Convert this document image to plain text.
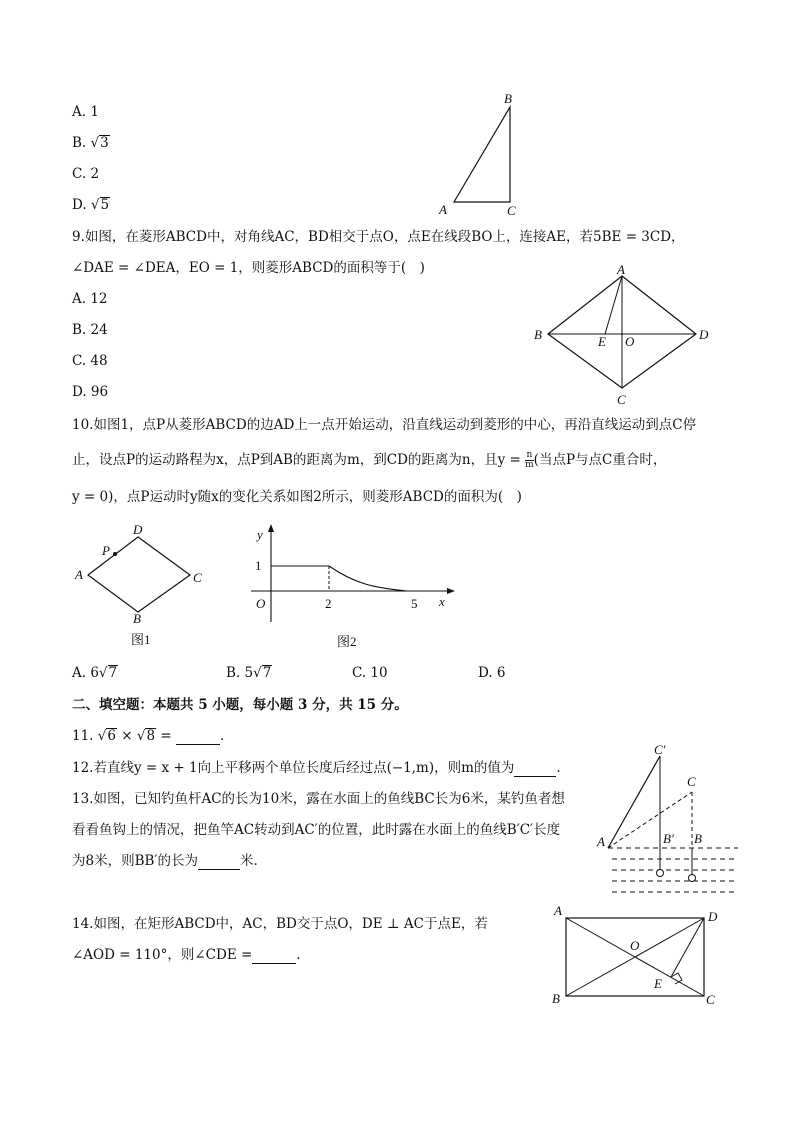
A. 1
B. √3
C. 2
D. √5
B
A	C
9.如图，在菱形ABCD中，对角线AC，BD相交于点O，点E在线段BO上，连接AE，若5BE = 3CD，
∠DAE = ∠DEA，EO = 1，则菱形ABCD的面积等于(　)
A. 12
B. 24
C. 48
D. 96
A
B	D
C
E O
10.如图1，点P从菱形ABCD的边AD上一点开始运动，沿直线运动到菱形的中心，再沿直线运动到点C停
止，设点P的运动路程为x，点P到AB的距离为m，到CD的距离为n，且$y = \frac{n}{m}$ (当点P与点C重合时，
y = 0)，点P运动时y随x的变化关系如图2所示，则菱形ABCD的面积为(　)
D
P
A	C
B
图1
y
x
1
O	2	5
图2
A. 6√7	B. 5√7	C. 10	D. 6
二、填空题：本题共 5 小题，每小题 3 分，共 15 分。
11. √6 × √8 =	.
12.若直线y = x + 1向上平移两个单位长度后经过点(−1,m)，则m的值为	.
13.如图，已知钓鱼杆AC的长为10米，露在水面上的鱼线BC长为6米，某钓鱼者想
看看鱼钩上的情况，把鱼竿AC转动到AC′的位置，此时露在水面上的鱼线B′C′长度
为8米，则BB′的长为	米.
C′
C
A	B′ B
14.如图，在矩形ABCD中，AC，BD交于点O，DE ⊥ AC于点E，若
∠AOD = 110°，则∠CDE =	.
A	D
O
E
B	C
